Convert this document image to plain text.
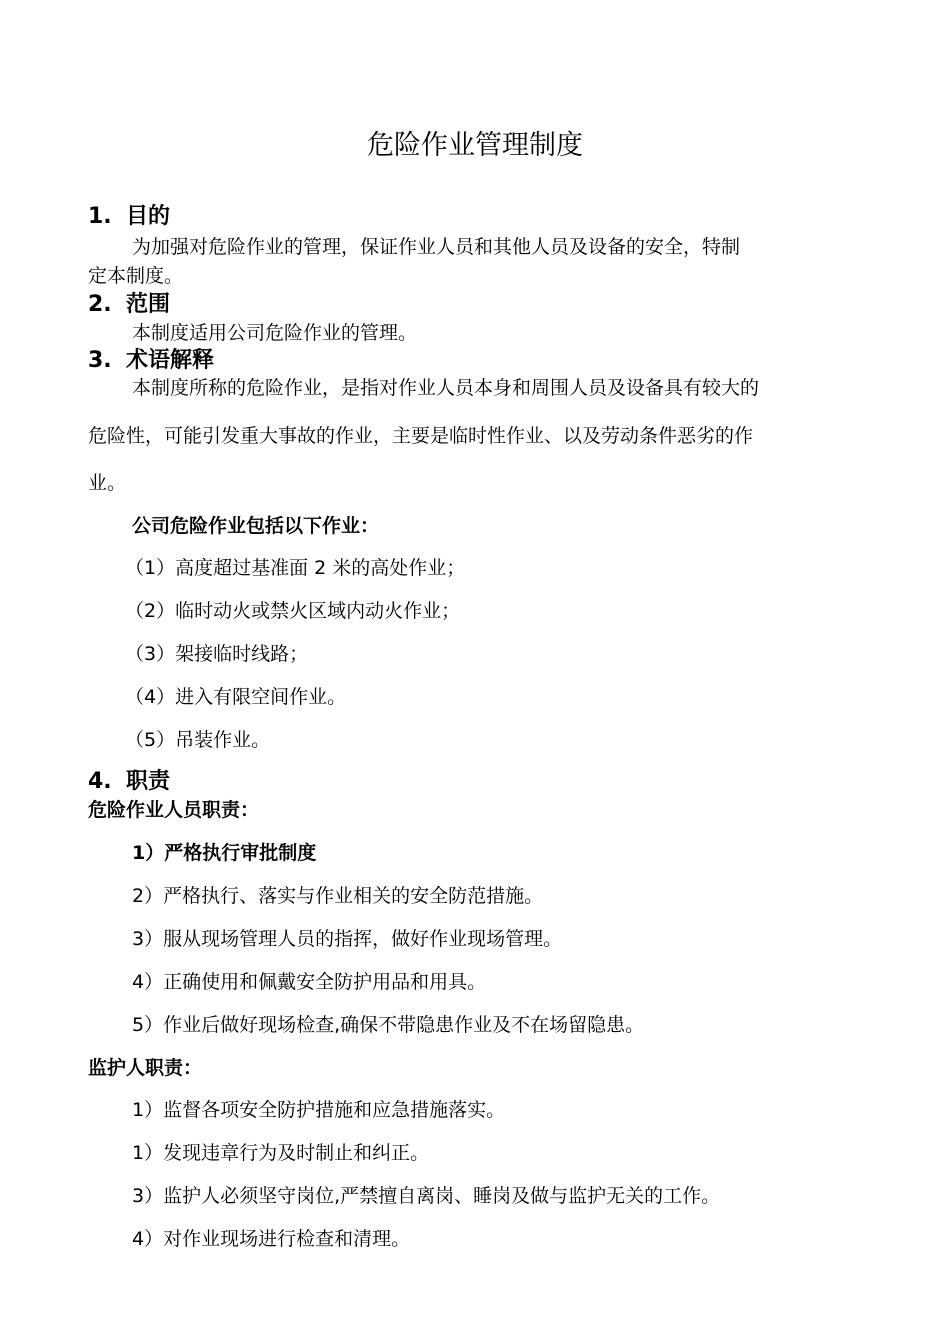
危险作业管理制度
1. 目的
为加强对危险作业的管理，保证作业人员和其他人员及设备的安全，特制
定本制度。
2. 范围
本制度适用公司危险作业的管理。
3. 术语解释
本制度所称的危险作业，是指对作业人员本身和周围人员及设备具有较大的
危险性，可能引发重大事故的作业，主要是临时性作业、以及劳动条件恶劣的作
业。
公司危险作业包括以下作业：
（1）高度超过基准面 2 米的高处作业；
（2）临时动火或禁火区域内动火作业；
（3）架接临时线路；
（4）进入有限空间作业。
（5）吊装作业。
4. 职责
危险作业人员职责：
1）严格执行审批制度
2）严格执行、落实与作业相关的安全防范措施。
3）服从现场管理人员的指挥，做好作业现场管理。
4）正确使用和佩戴安全防护用品和用具。
5）作业后做好现场检查,确保不带隐患作业及不在场留隐患。
监护人职责：
1）监督各项安全防护措施和应急措施落实。
1）发现违章行为及时制止和纠正。
3）监护人必须坚守岗位,严禁擅自离岗、睡岗及做与监护无关的工作。
4）对作业现场进行检查和清理。
